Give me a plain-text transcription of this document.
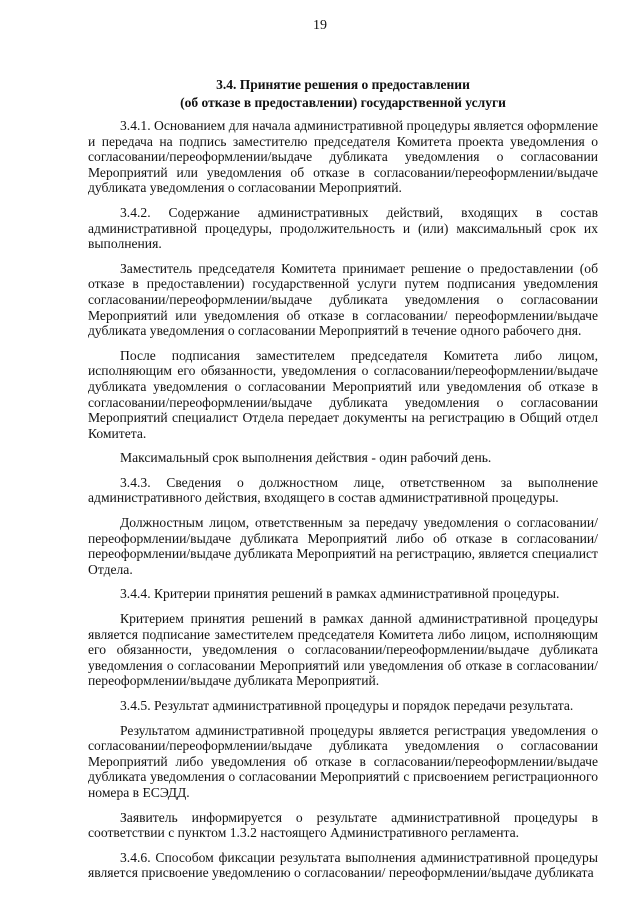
19
3.4. Принятие решения о предоставлении
(об отказе в предоставлении) государственной услуги

3.4.1. Основанием для начала административной процедуры является оформление и передача на подпись заместителю председателя Комитета проекта уведомления о согласовании/переоформлении/выдаче дубликата уведомления о согласовании Мероприятий или уведомления об отказе в согласовании/переоформлении/выдаче дубликата уведомления о согласовании Мероприятий.

3.4.2. Содержание административных действий, входящих в состав административной процедуры, продолжительность и (или) максимальный срок их выполнения.

Заместитель председателя Комитета принимает решение о предоставлении (об отказе в предоставлении) государственной услуги путем подписания уведомления согласовании/переоформлении/выдаче дубликата уведомления о согласовании Мероприятий или уведомления об отказе в согласовании/ переоформлении/выдаче дубликата уведомления о согласовании Мероприятий в течение одного рабочего дня.

После подписания заместителем председателя Комитета либо лицом, исполняющим его обязанности, уведомления о согласовании/переоформлении/выдаче дубликата уведомления о согласовании Мероприятий или уведомления об отказе в согласовании/переоформлении/выдаче дубликата уведомления о согласовании Мероприятий специалист Отдела передает документы на регистрацию в Общий отдел Комитета.

Максимальный срок выполнения действия - один рабочий день.

3.4.3. Сведения о должностном лице, ответственном за выполнение административного действия, входящего в состав административной процедуры.

Должностным лицом, ответственным за передачу уведомления о согласовании/ переоформлении/выдаче дубликата Мероприятий либо об отказе в согласовании/ переоформлении/выдаче дубликата Мероприятий на регистрацию, является специалист Отдела.

3.4.4. Критерии принятия решений в рамках административной процедуры.

Критерием принятия решений в рамках данной административной процедуры является подписание заместителем председателя Комитета либо лицом, исполняющим его обязанности, уведомления о согласовании/переоформлении/выдаче дубликата уведомления о согласовании Мероприятий или уведомления об отказе в согласовании/переоформлении/выдаче дубликата Мероприятий.

3.4.5. Результат административной процедуры и порядок передачи результата.

Результатом административной процедуры является регистрация уведомления о согласовании/переоформлении/выдаче дубликата уведомления о согласовании Мероприятий либо уведомления об отказе в согласовании/переоформлении/выдаче дубликата уведомления о согласовании Мероприятий с присвоением регистрационного номера в ЕСЭДД.

Заявитель информируется о результате административной процедуры в соответствии с пунктом 1.3.2 настоящего Административного регламента.

3.4.6. Способом фиксации результата выполнения административной процедуры является присвоение уведомлению о согласовании/ переоформлении/выдаче дубликата
